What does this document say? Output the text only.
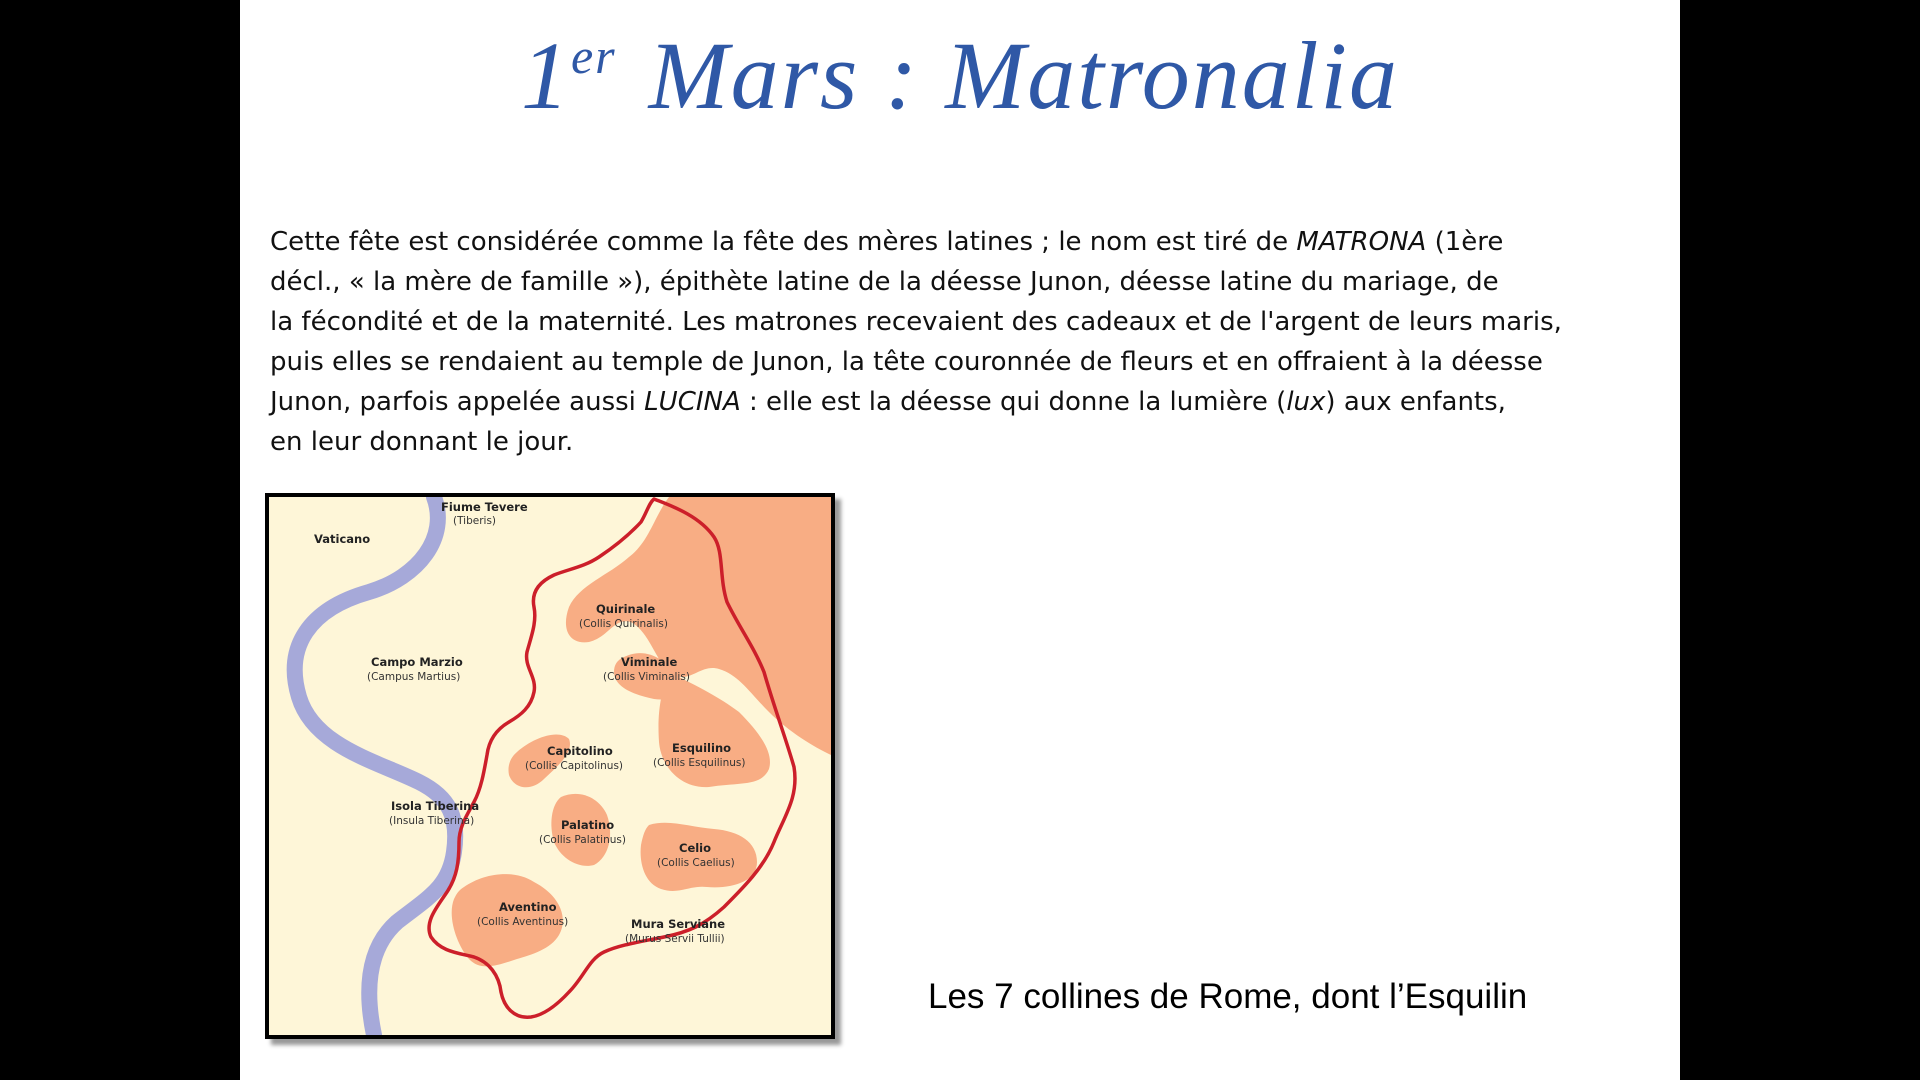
1er Mars : Matronalia

Cette fête est considérée comme la fête des mères latines ; le nom est tiré de MATRONA (1ère
décl., « la mère de famille »), épithète latine de la déesse Junon, déesse latine du mariage, de
la fécondité et de la maternité. Les matrones recevaient des cadeaux et de l'argent de leurs maris,
puis elles se rendaient au temple de Junon, la tête couronnée de fleurs et en offraient à la déesse
Junon, parfois appelée aussi LUCINA : elle est la déesse qui donne la lumière (lux) aux enfants,
en leur donnant le jour.

Fiume Tevere
(Tiberis)
Vaticano
Quirinale
(Collis Quirinalis)
Viminale
(Collis Viminalis)
Campo Marzio
(Campus Martius)
Capitolino
(Collis Capitolinus)
Esquilino
(Collis Esquilinus)
Isola Tiberina
(Insula Tiberina)	Palatino
(Collis Palatinus)
Celio
(Collis Caelius)
Aventino
(Collis Aventinus)	Mura Serviane
(Murus Servii Tullii)
Les 7 collines de Rome, dont l’Esquilin
